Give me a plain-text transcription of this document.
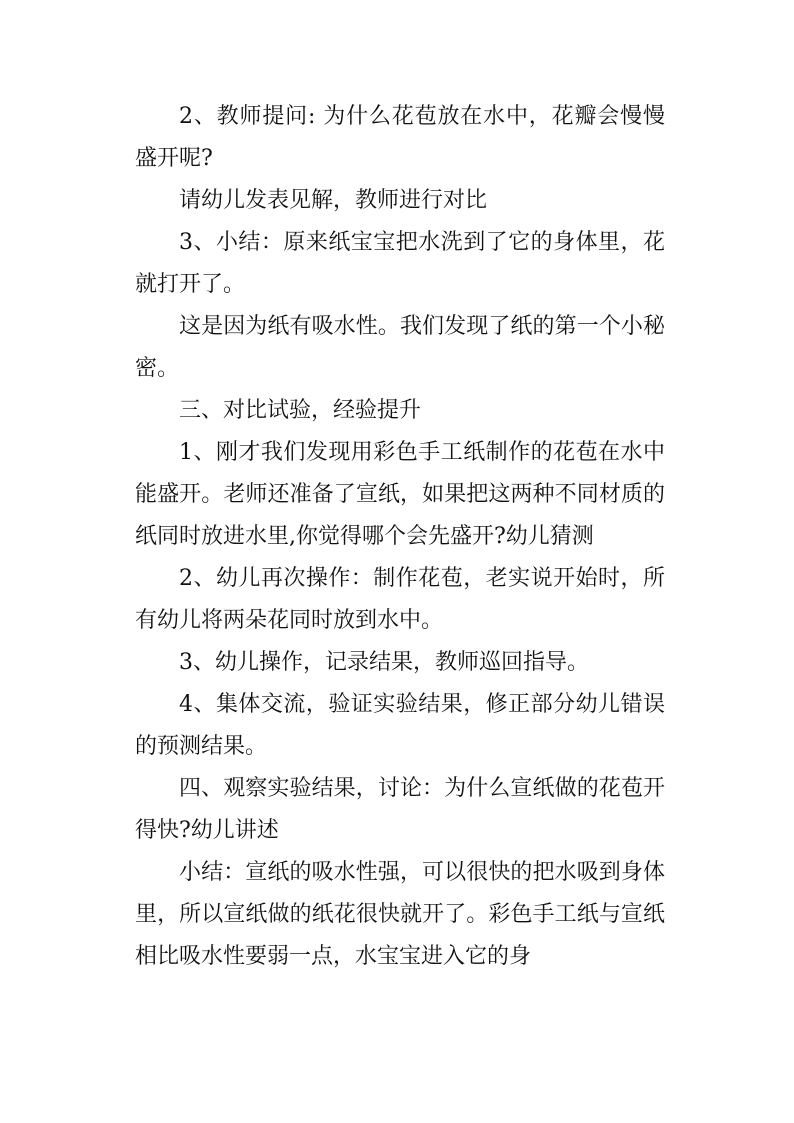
2、教师提问: 为什么花苞放在水中，花瓣会慢慢盛开呢?

请幼儿发表见解，教师进行对比

3、小结：原来纸宝宝把水洗到了它的身体里，花就打开了。

这是因为纸有吸水性。我们发现了纸的第一个小秘密。

三、对比试验，经验提升

1、刚才我们发现用彩色手工纸制作的花苞在水中能盛开。老师还准备了宣纸，如果把这两种不同材质的纸同时放进水里,你觉得哪个会先盛开?幼儿猜测

2、幼儿再次操作：制作花苞，老实说开始时，所有幼儿将两朵花同时放到水中。

3、幼儿操作，记录结果，教师巡回指导。

4、集体交流，验证实验结果，修正部分幼儿错误的预测结果。

四、观察实验结果，讨论：为什么宣纸做的花苞开得快?幼儿讲述

小结：宣纸的吸水性强，可以很快的把水吸到身体里，所以宣纸做的纸花很快就开了。彩色手工纸与宣纸相比吸水性要弱一点，水宝宝进入它的身
